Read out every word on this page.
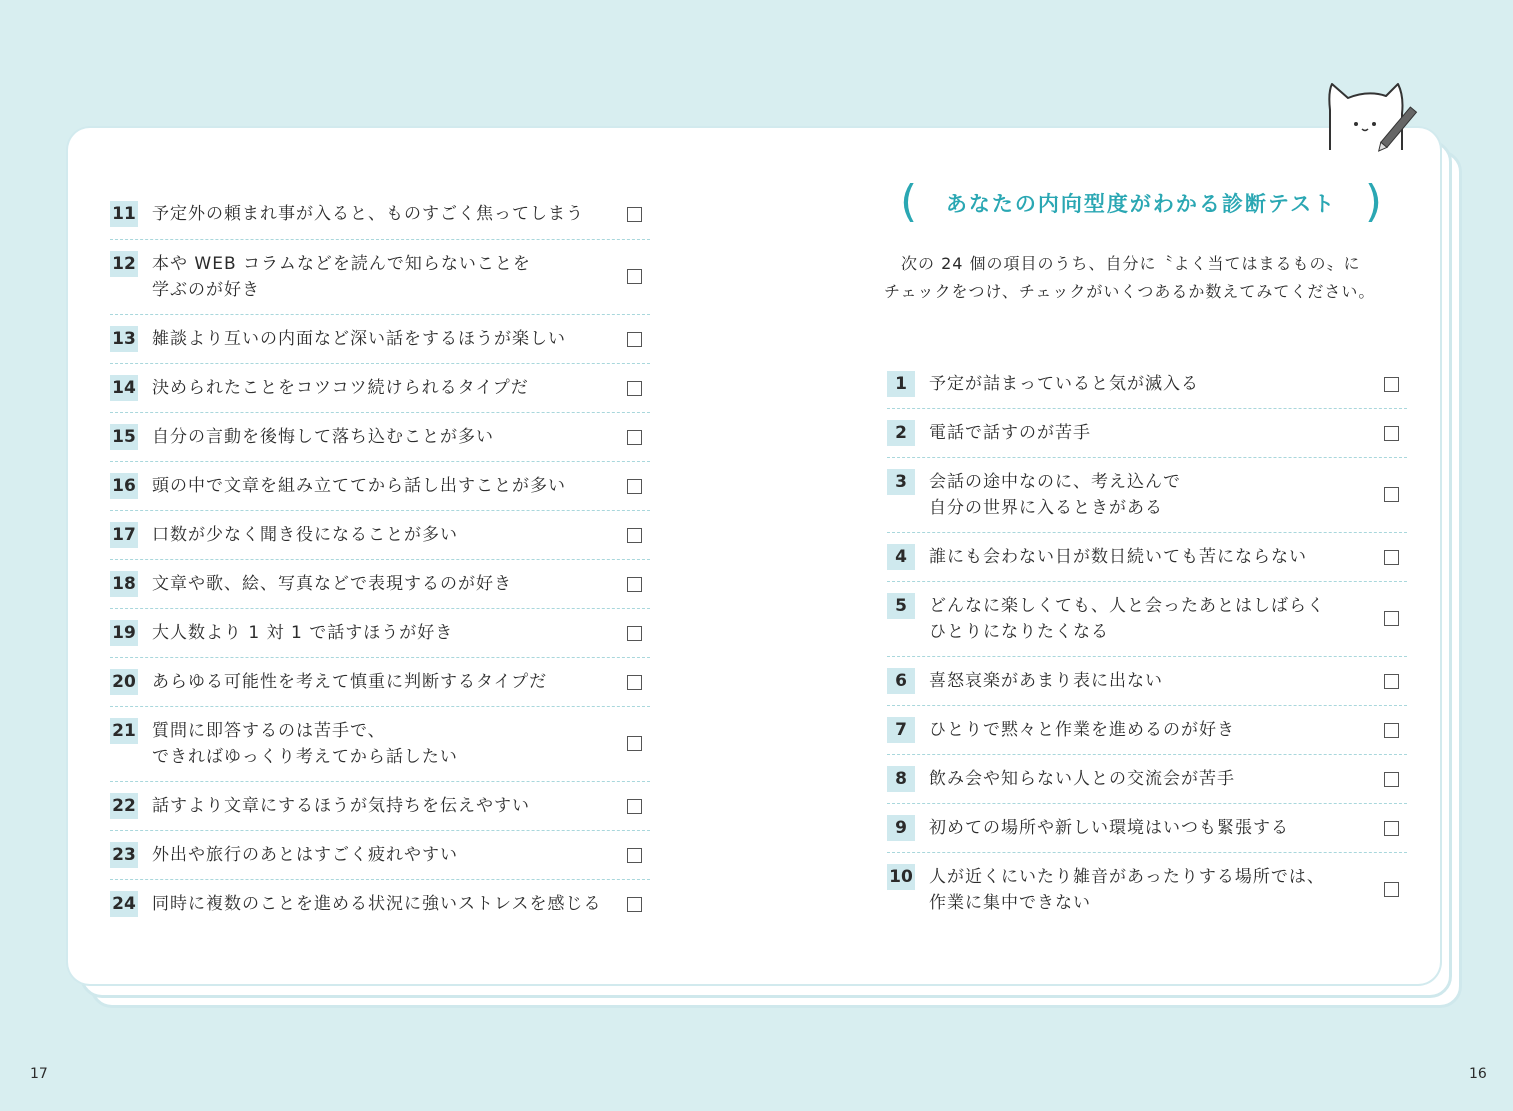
(	あなたの内向型度がわかる診断テスト )

　次の 24 個の項目のうち、自分に〝よく当てはまるもの〟に

チェックをつけ、チェックがいくつあるか数えてみてください。

1	予定が詰まっていると気が滅入る
2	電話で話すのが苦手
3	会話の途中なのに、考え込んで
自分の世界に入るときがある
4	誰にも会わない日が数日続いても苦にならない
5	どんなに楽しくても、人と会ったあとはしばらく
ひとりになりたくなる
6	喜怒哀楽があまり表に出ない
7	ひとりで黙々と作業を進めるのが好き
8	飲み会や知らない人との交流会が苦手
9	初めての場所や新しい環境はいつも緊張する
10 人が近くにいたり雑音があったりする場所では、
作業に集中できない
11 予定外の頼まれ事が入ると、ものすごく焦ってしまう
12 本や WEB コラムなどを読んで知らないことを
学ぶのが好き
13 雑談より互いの内面など深い話をするほうが楽しい
14 決められたことをコツコツ続けられるタイプだ
15 自分の言動を後悔して落ち込むことが多い
16 頭の中で文章を組み立ててから話し出すことが多い
17 口数が少なく聞き役になることが多い
18 文章や歌、絵、写真などで表現するのが好き
19 大人数より 1 対 1 で話すほうが好き
20 あらゆる可能性を考えて慎重に判断するタイプだ
21 質問に即答するのは苦手で、
できればゆっくり考えてから話したい
22 話すより文章にするほうが気持ちを伝えやすい
23 外出や旅行のあとはすごく疲れやすい
24 同時に複数のことを進める状況に強いストレスを感じる
17	16
